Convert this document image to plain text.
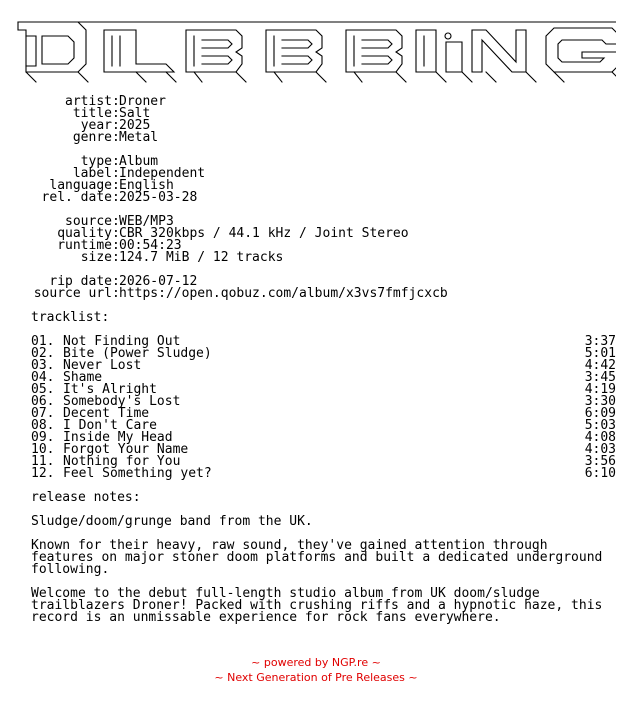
artist : Droner
title : Salt
year : 2025
genre : Metal
type : Album
label : Independent
language : English
rel. date : 2025-03-28
source : WEB/MP3
quality : CBR 320kbps / 44.1 kHz / Joint Stereo
runtime : 00:54:23
size : 124.7 MiB / 12 tracks
rip date : 2026-07-12
source url : https://open.qobuz.com/album/x3vs7fmfjcxcb
tracklist:
01. Not Finding Out	3:37
02. Bite (Power Sludge)	5:01
03. Never Lost	4:42
04. Shame	3:45
05. It's Alright	4:19
06. Somebody's Lost	3:30
07. Decent Time	6:09
08. I Don't Care	5:03
09. Inside My Head	4:08
10. Forgot Your Name	4:03
11. Nothing for You	3:56
12. Feel Something yet?	6:10
release notes:
Sludge/doom/grunge band from the UK.
Known for their heavy, raw sound, they've gained attention through
features on major stoner doom platforms and built a dedicated underground
following.
Welcome to the debut full-length studio album from UK doom/sludge
trailblazers Droner! Packed with crushing riffs and a hypnotic haze, this
record is an unmissable experience for rock fans everywhere.
~ powered by NGP.re ~
~ Next Generation of Pre Releases ~
